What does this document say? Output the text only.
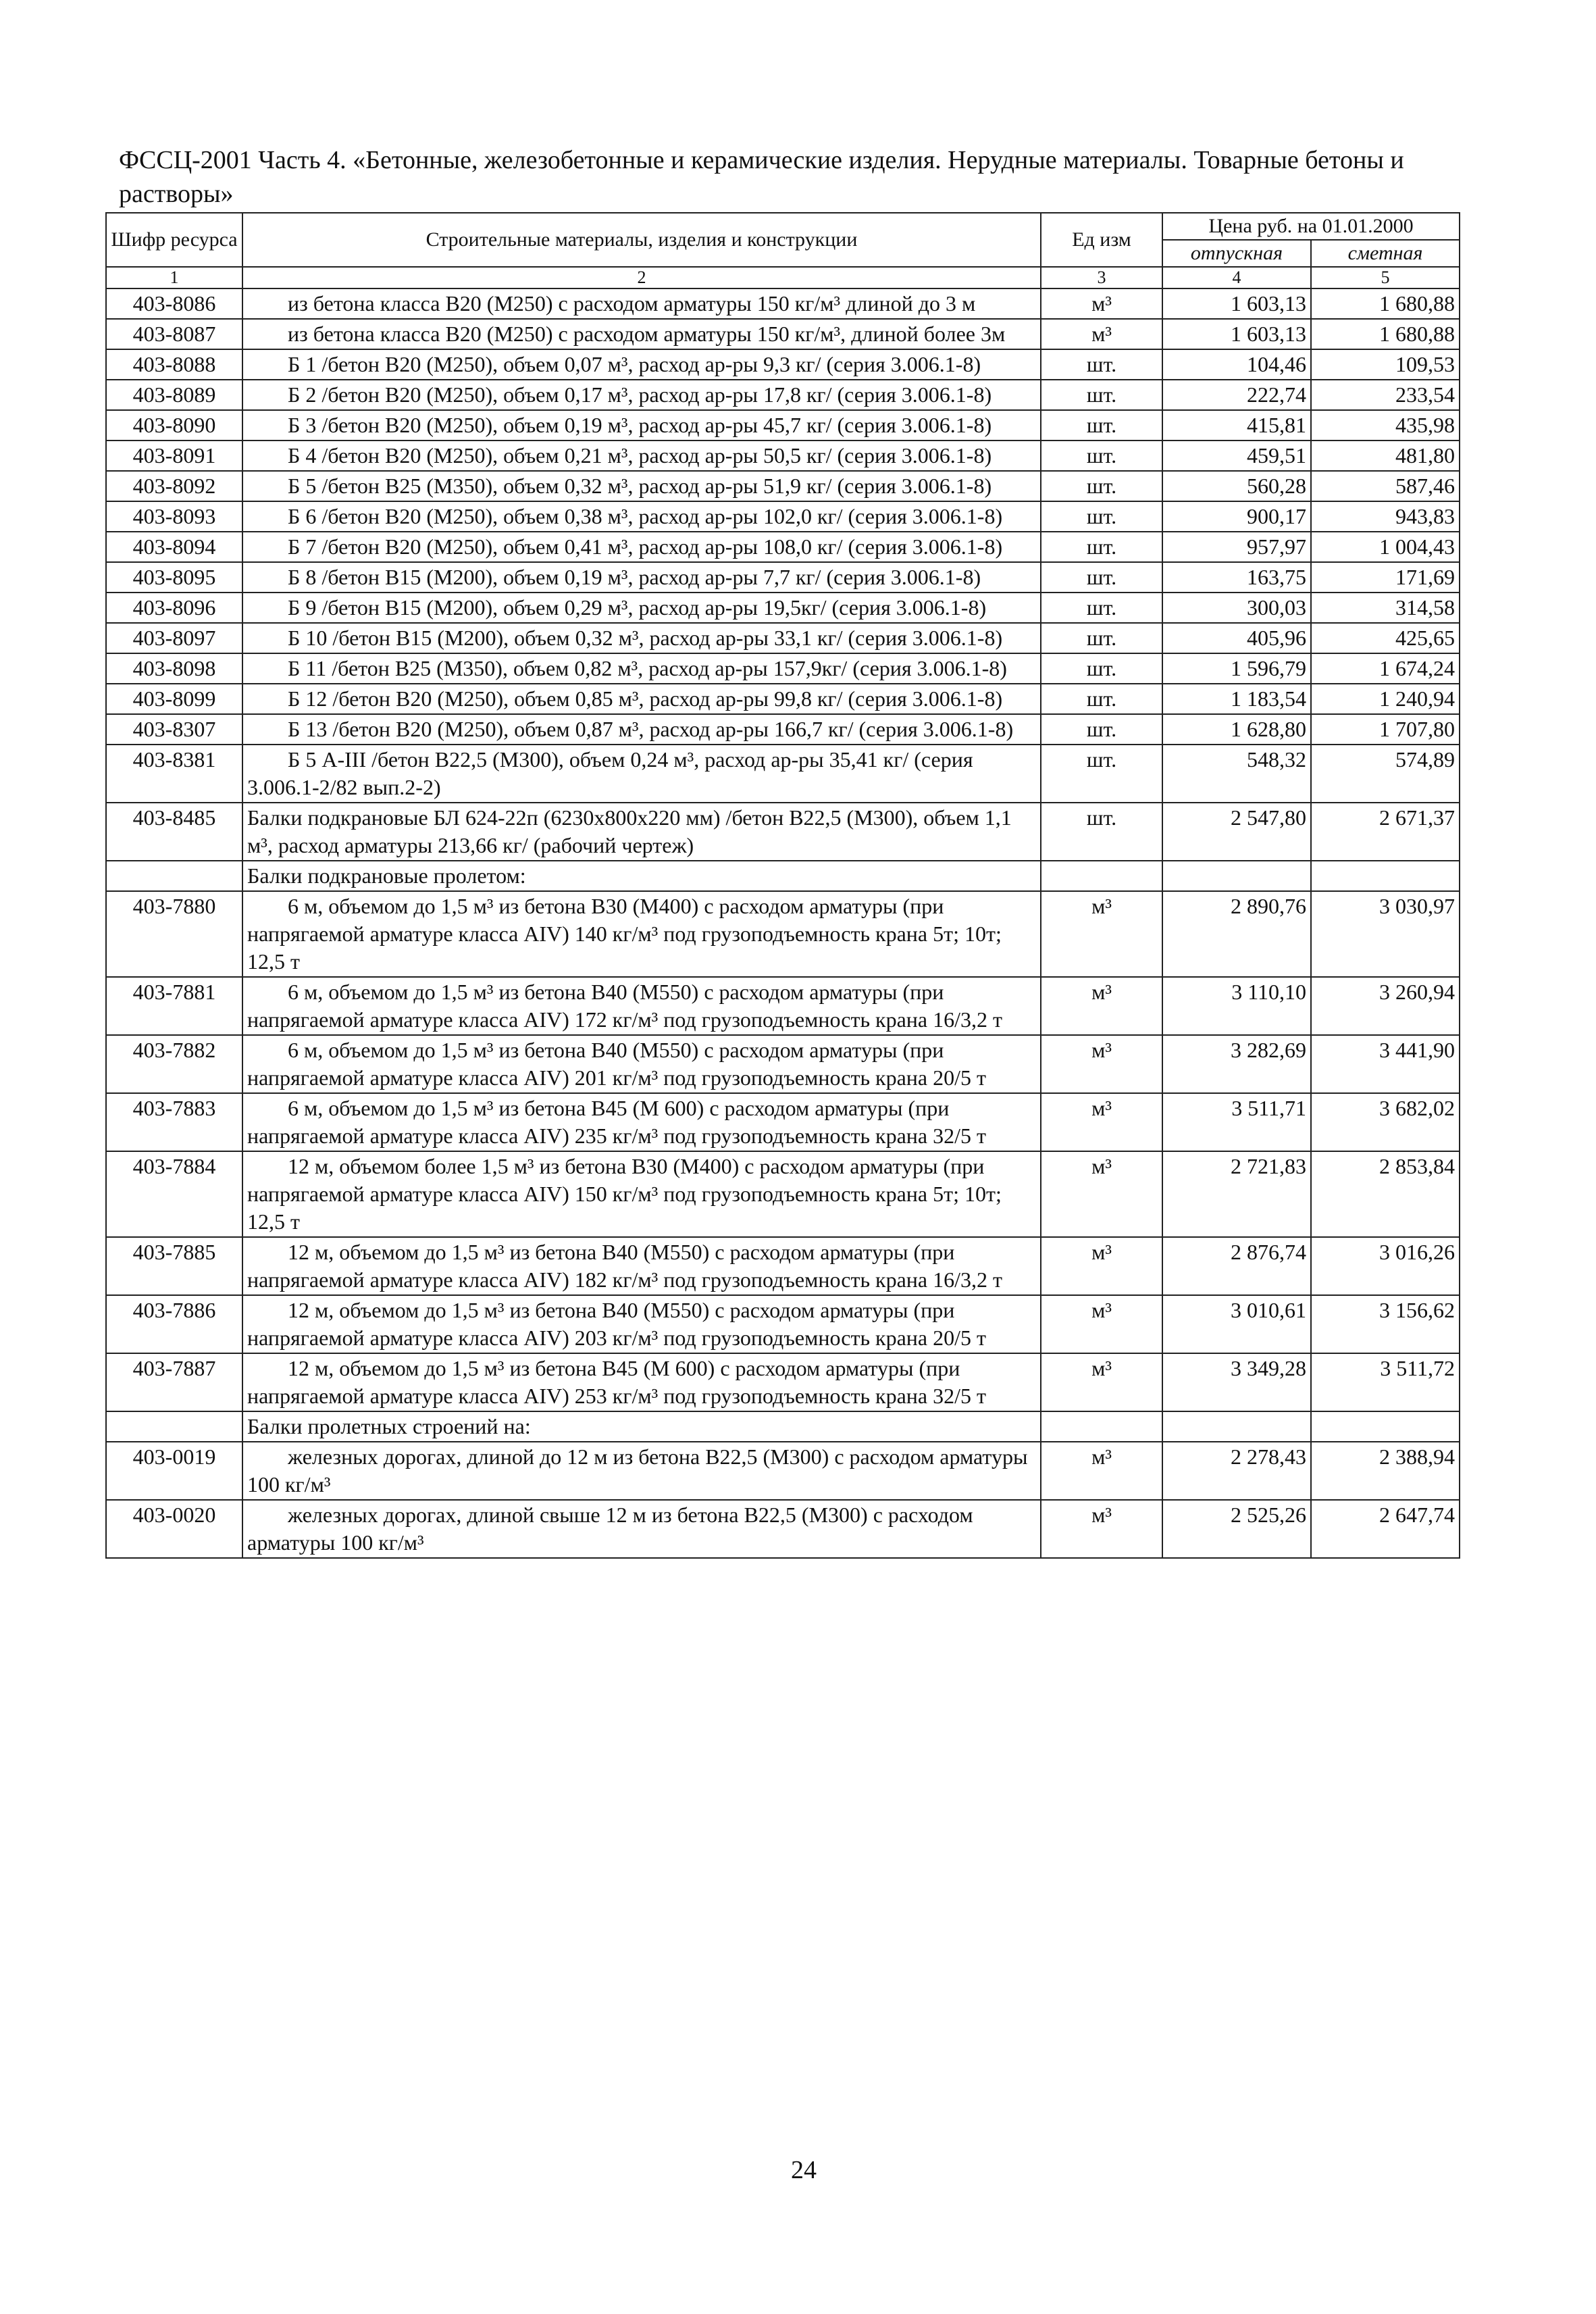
ФССЦ-2001 Часть 4. «Бетонные, железобетонные и керамические изделия. Нерудные материалы. Товарные бетоны и растворы»
Шифр ресурса	Строительные материалы, изделия и конструкции	Ед изм	Цена руб. на 01.01.2000	
			отпускная	сметная
1	2	3	4	5
403-8086	из бетона класса В20 (М250) с расходом арматуры 150 кг/м³ длиной до 3 м	м³	1 603,13	1 680,88
403-8087	из бетона класса В20 (М250) с расходом арматуры 150 кг/м³, длиной более 3м	м³	1 603,13	1 680,88
403-8088	Б 1 /бетон В20 (М250), объем 0,07 м³, расход ар-ры 9,3 кг/ (серия 3.006.1-8)	шт.	104,46	109,53
403-8089	Б 2 /бетон В20 (М250), объем 0,17 м³, расход ар-ры 17,8 кг/ (серия 3.006.1-8)	шт.	222,74	233,54
403-8090	Б 3 /бетон В20 (М250), объем 0,19 м³, расход ар-ры 45,7 кг/ (серия 3.006.1-8)	шт.	415,81	435,98
403-8091	Б 4 /бетон В20 (М250), объем 0,21 м³, расход ар-ры 50,5 кг/ (серия 3.006.1-8)	шт.	459,51	481,80
403-8092	Б 5 /бетон В25 (М350), объем 0,32 м³, расход ар-ры 51,9 кг/ (серия 3.006.1-8)	шт.	560,28	587,46
403-8093	Б 6 /бетон В20 (М250), объем 0,38 м³, расход ар-ры 102,0 кг/ (серия 3.006.1-8)	шт.	900,17	943,83
403-8094	Б 7 /бетон В20 (М250), объем 0,41 м³, расход ар-ры 108,0 кг/ (серия 3.006.1-8)	шт.	957,97	1 004,43
403-8095	Б 8 /бетон В15 (М200), объем 0,19 м³, расход ар-ры 7,7 кг/ (серия 3.006.1-8)	шт.	163,75	171,69
403-8096	Б 9 /бетон В15 (М200), объем 0,29 м³, расход ар-ры 19,5кг/ (серия 3.006.1-8)	шт.	300,03	314,58
403-8097	Б 10 /бетон В15 (М200), объем 0,32 м³, расход ар-ры 33,1 кг/ (серия 3.006.1-8)	шт.	405,96	425,65
403-8098	Б 11 /бетон В25 (М350), объем 0,82 м³, расход ар-ры 157,9кг/ (серия 3.006.1-8)	шт.	1 596,79	1 674,24
403-8099	Б 12 /бетон В20 (М250), объем 0,85 м³, расход ар-ры 99,8 кг/ (серия 3.006.1-8)	шт.	1 183,54	1 240,94
403-8307	Б 13 /бетон В20 (М250), объем 0,87 м³, расход ар-ры 166,7 кг/ (серия 3.006.1-8)	шт.	1 628,80	1 707,80
403-8381	Б 5 А-III /бетон В22,5 (М300), объем 0,24 м³, расход ар-ры 35,41 кг/ (серия 3.006.1-2/82 вып.2-2)	шт.	548,32	574,89
403-8485	Балки подкрановые БЛ 624-22п (6230х800х220 мм) /бетон В22,5 (М300), объем 1,1 м³, расход арматуры 213,66 кг/ (рабочий чертеж)	шт.	2 547,80	2 671,37

	Балки подкрановые пролетом:			

403-7880	6 м, объемом до 1,5 м³ из бетона В30 (М400) с расходом арматуры (при напрягаемой арматуре класса AIV) 140 кг/м³ под грузоподъемность крана 5т; 10т; 12,5 т	м³	2 890,76	3 030,97
403-7881	6 м, объемом до 1,5 м³ из бетона В40 (М550) с расходом арматуры (при напрягаемой арматуре класса AIV) 172 кг/м³ под грузоподъемность крана 16/3,2 т	м³	3 110,10	3 260,94
403-7882	6 м, объемом до 1,5 м³ из бетона В40 (М550) с расходом арматуры (при напрягаемой арматуре класса AIV) 201 кг/м³ под грузоподъемность крана 20/5 т	м³	3 282,69	3 441,90
403-7883	6 м, объемом до 1,5 м³ из бетона В45 (М 600) с расходом арматуры (при напрягаемой арматуре класса AIV) 235 кг/м³ под грузоподъемность крана 32/5 т	м³	3 511,71	3 682,02
403-7884	12 м, объемом более 1,5 м³ из бетона В30 (М400) с расходом арматуры (при напрягаемой арматуре класса AIV) 150 кг/м³ под грузоподъемность крана 5т; 10т; 12,5 т	м³	2 721,83	2 853,84
403-7885	12 м, объемом до 1,5 м³ из бетона В40 (М550) с расходом арматуры (при напрягаемой арматуре класса AIV) 182 кг/м³ под грузоподъемность крана 16/3,2 т	м³	2 876,74	3 016,26
403-7886	12 м, объемом до 1,5 м³ из бетона В40 (М550) с расходом арматуры (при напрягаемой арматуре класса AIV) 203 кг/м³ под грузоподъемность крана 20/5 т	м³	3 010,61	3 156,62
403-7887	12 м, объемом до 1,5 м³ из бетона В45 (М 600) с расходом арматуры (при напрягаемой арматуре класса AIV) 253 кг/м³ под грузоподъемность крана 32/5 т	м³	3 349,28	3 511,72

	Балки пролетных строений на:			

403-0019	железных дорогах, длиной до 12 м из бетона В22,5 (М300) с расходом арматуры 100 кг/м³	м³	2 278,43	2 388,94
403-0020	железных дорогах, длиной свыше 12 м из бетона В22,5 (М300) с расходом арматуры 100 кг/м³	м³	2 525,26	2 647,74
24
